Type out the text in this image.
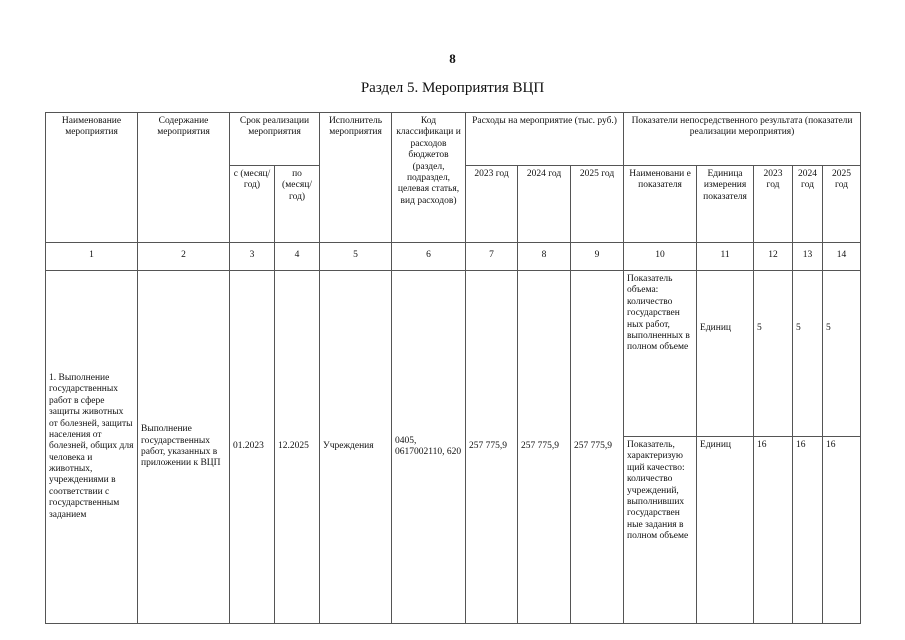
8
Раздел 5. Мероприятия ВЦП
Наименование мероприятия	Содержание мероприятия	Срок реализации мероприятия		Исполнитель мероприятия	Код классификаци и расходов бюджетов (раздел, подраздел, целевая статья, вид расходов)	Расходы на мероприятие (тыс. руб.)			Показатели непосредственного результата (показатели реализации мероприятия)				
		с (месяц/ год)	по (месяц/ год)			2023 год	2024 год	2025 год	Наименовани е показателя	Единица измерения показателя	2023 год	2024 год	2025 год
1	2	3	4	5	6	7	8	9	10	11	12	13	14
1. Выполнение государственных работ в сфере защиты животных от болезней, защиты населения от болезней, общих для человека и животных, учреждениями в соответствии с государственным заданием	Выполнение государственных работ, указанных в приложении к ВЦП	01.2023	12.2025	Учреждения	0405, 0617002110, 620	257 775,9	257 775,9	257 775,9	Показатель объема: количество государствен ных работ, выполненных в полном объеме	Единиц	5	5	5
									Показатель, характеризую щий качество: количество учреждений, выполнивших государствен ные задания в полном объеме	Единиц	16	16	16
